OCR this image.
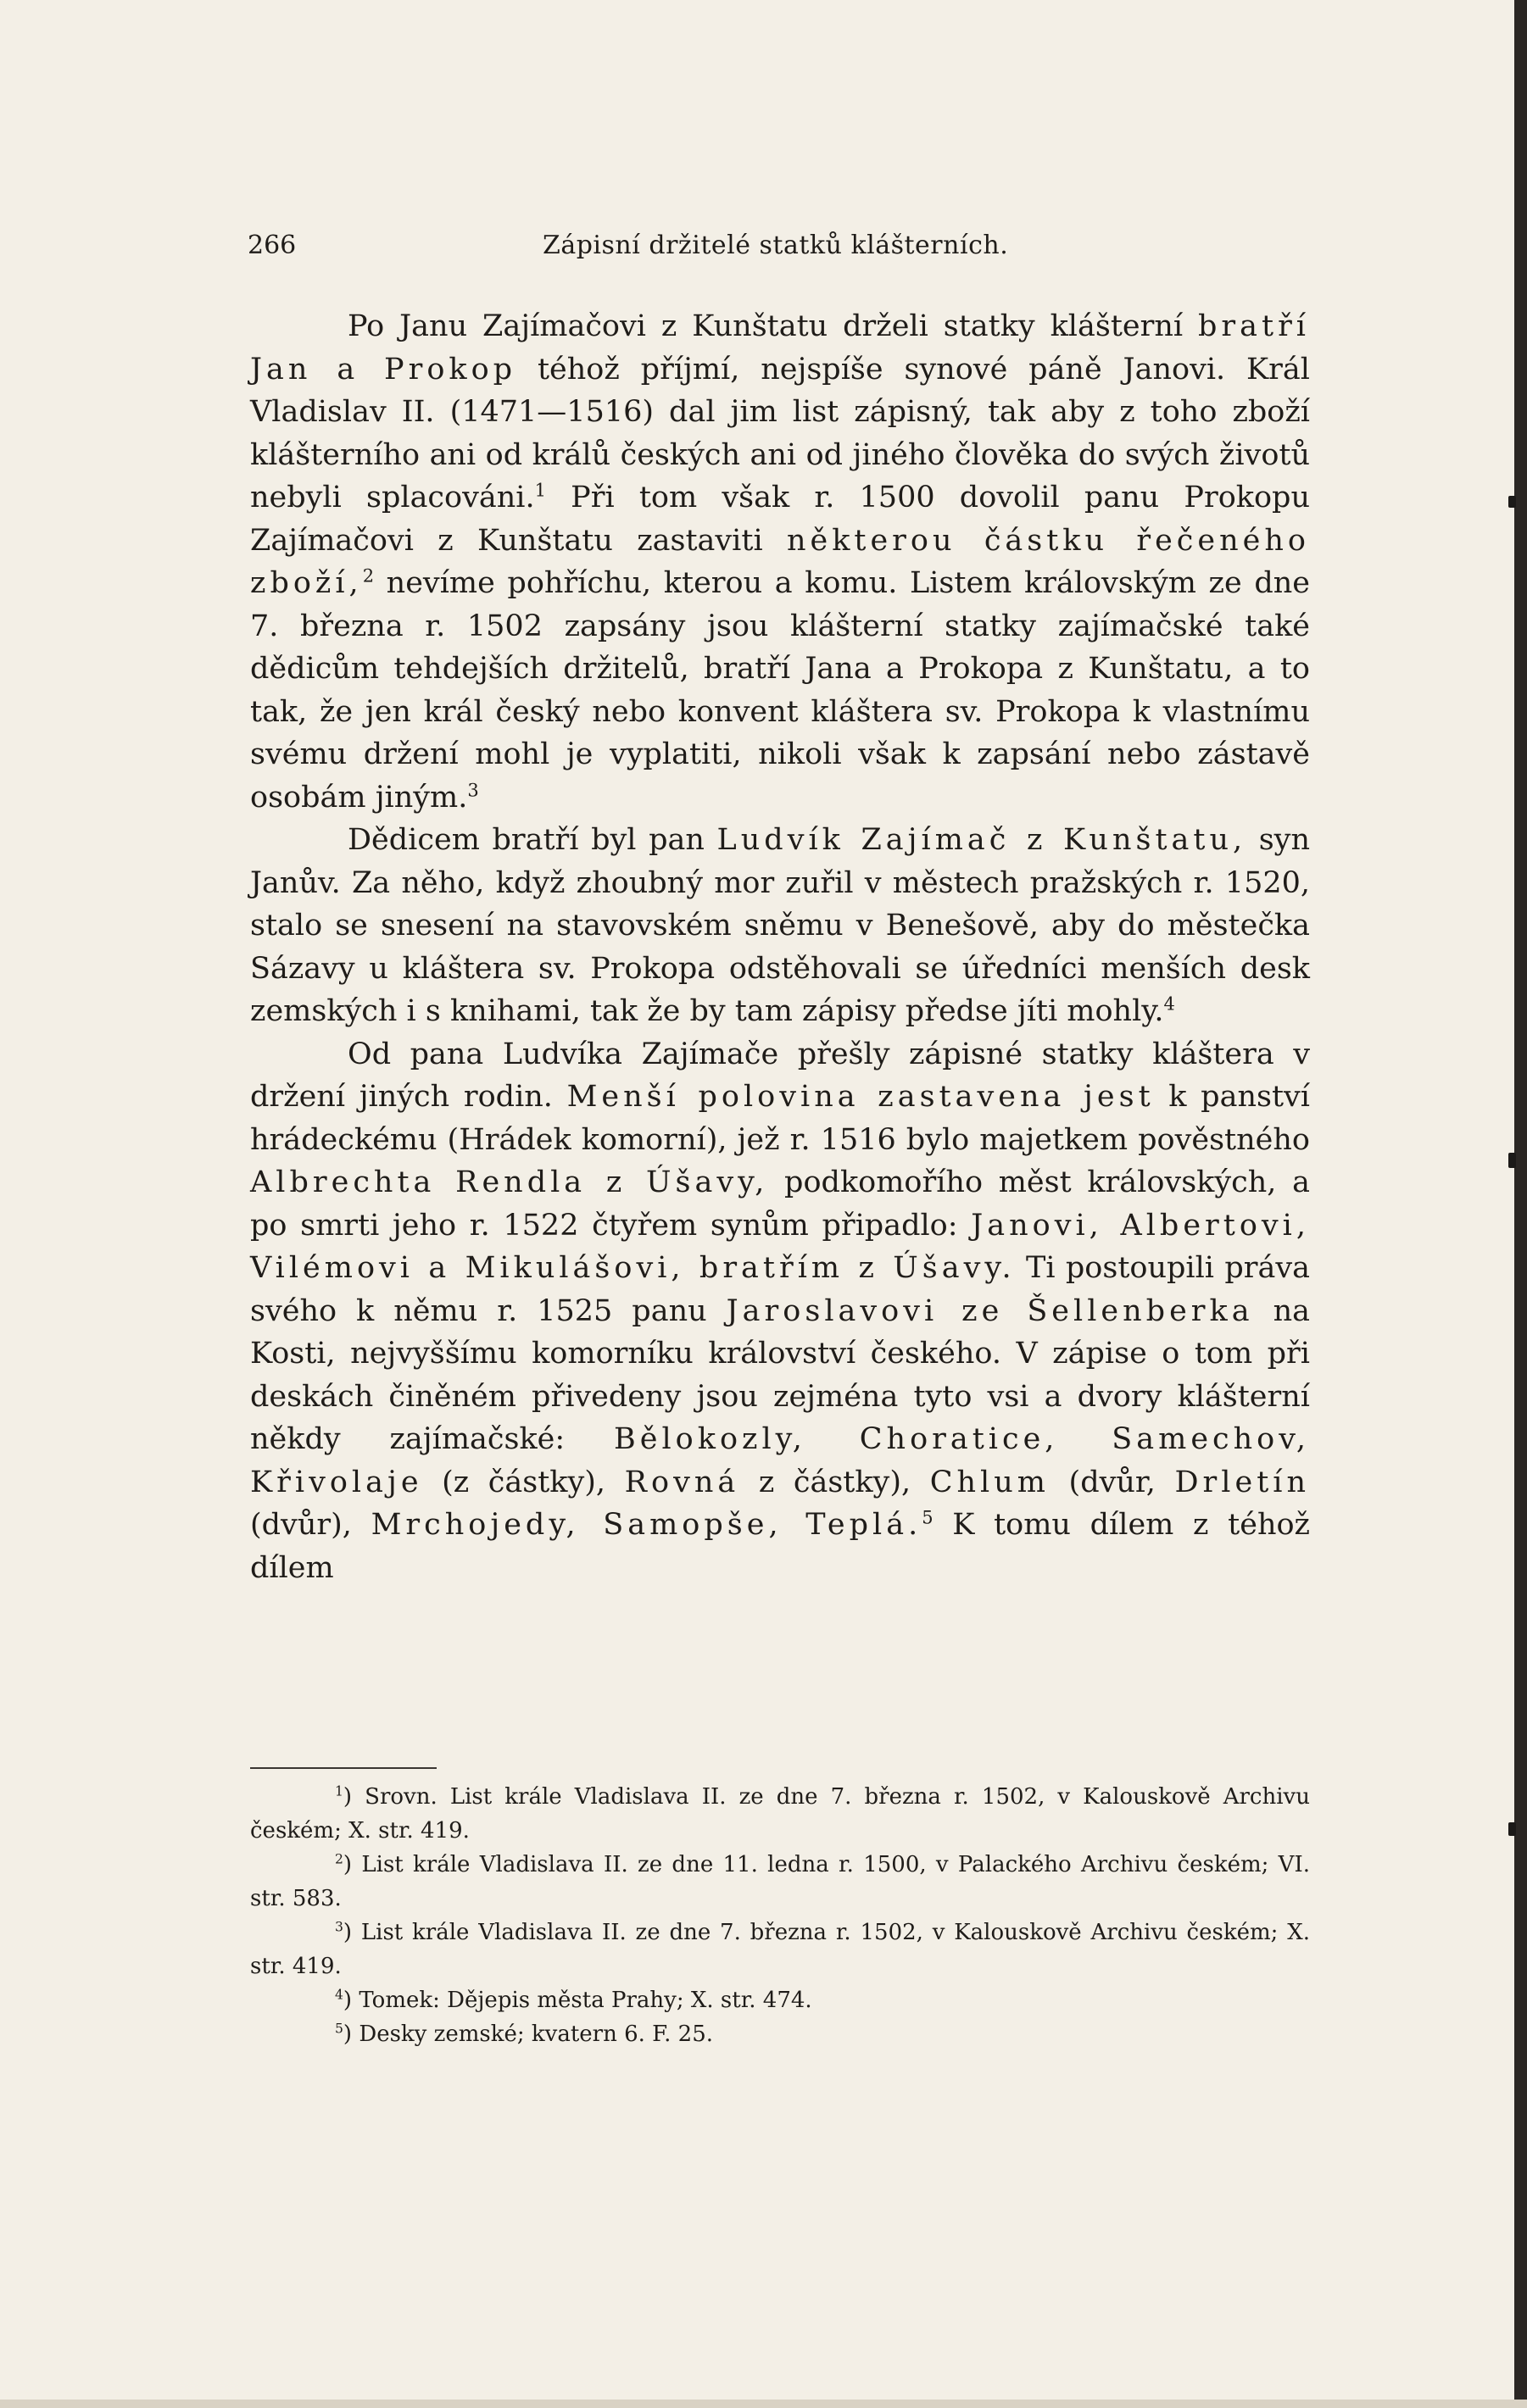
266	Zápisní držitelé statků klášterních.

Po Janu Zajímačovi z Kunštatu drželi statky klášterní bratří Jan a Prokop téhož příjmí, nejspíše synové páně Janovi. Král Vladislav II. (1471—1516) dal jim list zápisný, tak aby z toho zboží klášterního ani od králů českých ani od jiného člověka do svých životů nebyli splacováni.$^1$ Při tom však r. 1500 dovolil panu Prokopu Zajímačovi z Kunštatu zastaviti některou částku řečeného zboží,$^2$ nevíme pohříchu, kterou a komu. Listem královským ze dne 7. března r. 1502 zapsány jsou klášterní statky zajímačské také dědicům tehdejších držitelů, bratří Jana a Prokopa z Kunštatu, a to tak, že jen král český nebo konvent kláštera sv. Prokopa k vlastnímu svému držení mohl je vyplatiti, nikoli však k zapsání nebo zástavě osobám jiným.$^3$

Dědicem bratří byl pan Ludvík Zajímač z Kunštatu, syn Janův. Za něho, když zhoubný mor zuřil v městech pražských r. 1520, stalo se snesení na stavovském sněmu v Benešově, aby do městečka Sázavy u kláštera sv. Prokopa odstěhovali se úředníci menších desk zemských i s knihami, tak že by tam zápisy předse jíti mohly.$^4$

Od pana Ludvíka Zajímače přešly zápisné statky kláštera v držení jiných rodin. Menší polovina zastavena jest k panství hrádeckému (Hrádek komorní), jež r. 1516 bylo majetkem pověstného Albrechta Rendla z Úšavy, podkomořího měst královských, a po smrti jeho r. 1522 čtyřem synům připadlo: Janovi, Albertovi, Vilémovi a Mikulášovi, bratřím z Úšavy. Ti postoupili práva svého k němu r. 1525 panu Jaroslavovi ze Šellenberka na Kosti, nejvyššímu komorníku království českého. V zápise o tom při deskách činěném přivedeny jsou zejména tyto vsi a dvory klášterní někdy zajímačské: Bělokozly, Choratice, Samechov, Křivolaje (z částky), Rovná z částky), Chlum (dvůr, Drletín (dvůr), Mrchojedy, Samopše, Teplá.$^5$ K tomu dílem z téhož dílem

$^1$) Srovn. List krále Vladislava II. ze dne 7. března r. 1502, v Kalouskově Archivu českém; X. str. 419.

$^2$) List krále Vladislava II. ze dne 11. ledna r. 1500, v Palackého Archivu českém; VI. str. 583.

$^3$) List krále Vladislava II. ze dne 7. března r. 1502, v Kalouskově Archivu českém; X. str. 419.

$^4$) Tomek: Dějepis města Prahy; X. str. 474.

$^5$) Desky zemské; kvatern 6. F. 25.
